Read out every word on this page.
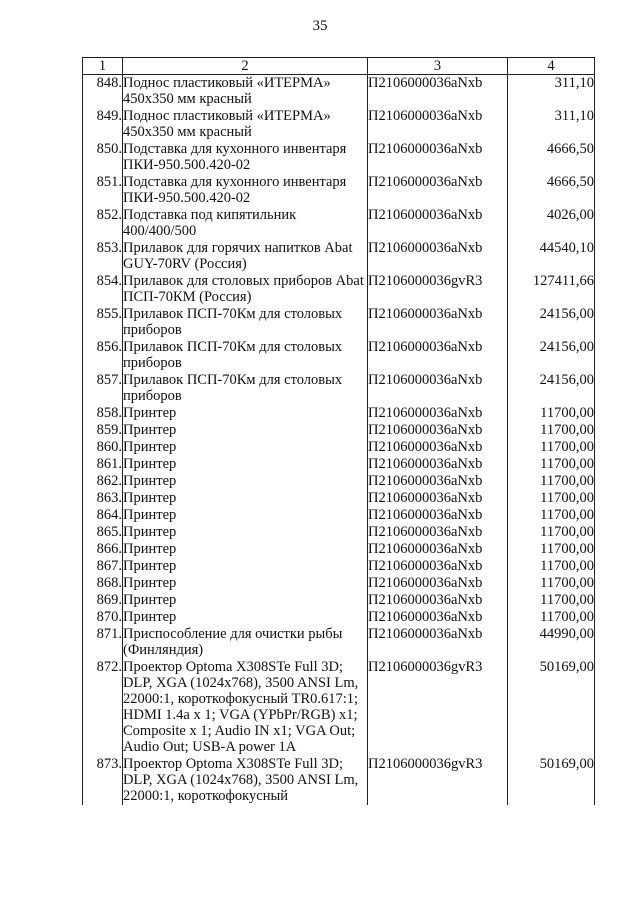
35
1	2	3	4
848.	Поднос пластиковый «ИТЕРМА» 450х350 мм красный	П2106000036aNxb	311,10
849.	Поднос пластиковый «ИТЕРМА» 450х350 мм красный	П2106000036aNxb	311,10
850.	Подставка для кухонного инвентаря ПКИ-950.500.420-02	П2106000036aNxb	4666,50
851.	Подставка для кухонного инвентаря ПКИ-950.500.420-02	П2106000036aNxb	4666,50
852.	Подставка под кипятильник 400/400/500	П2106000036aNxb	4026,00
853.	Прилавок для горячих напитков Abat GUY-70RV (Россия)	П2106000036aNxb	44540,10
854.	Прилавок для столовых приборов Abat ПСП-70КМ (Россия)	П2106000036gvR3	127411,66
855.	Прилавок ПСП-70Км для столовых приборов	П2106000036aNxb	24156,00
856.	Прилавок ПСП-70Км для столовых приборов	П2106000036aNxb	24156,00
857.	Прилавок ПСП-70Км для столовых приборов	П2106000036aNxb	24156,00
858.	Принтер	П2106000036aNxb	11700,00
859.	Принтер	П2106000036aNxb	11700,00
860.	Принтер	П2106000036aNxb	11700,00
861.	Принтер	П2106000036aNxb	11700,00
862.	Принтер	П2106000036aNxb	11700,00
863.	Принтер	П2106000036aNxb	11700,00
864.	Принтер	П2106000036aNxb	11700,00
865.	Принтер	П2106000036aNxb	11700,00
866.	Принтер	П2106000036aNxb	11700,00
867.	Принтер	П2106000036aNxb	11700,00
868.	Принтер	П2106000036aNxb	11700,00
869.	Принтер	П2106000036aNxb	11700,00
870.	Принтер	П2106000036aNxb	11700,00
871.	Приспособление для очистки рыбы (Финляндия)	П2106000036aNxb	44990,00
872.	Проектор Optoma X308STe Full 3D; DLP, XGA (1024x768), 3500 ANSI Lm, 22000:1, короткофокусный TR0.617:1; HDMI 1.4a x 1; VGA (YPbPr/RGB) x1; Composite x 1; Audio IN x1; VGA Out; Audio Out; USB-A power 1A	П2106000036gvR3	50169,00
873.	Проектор Optoma X308STe Full 3D; DLP, XGA (1024x768), 3500 ANSI Lm, 22000:1, короткофокусный	П2106000036gvR3	50169,00
